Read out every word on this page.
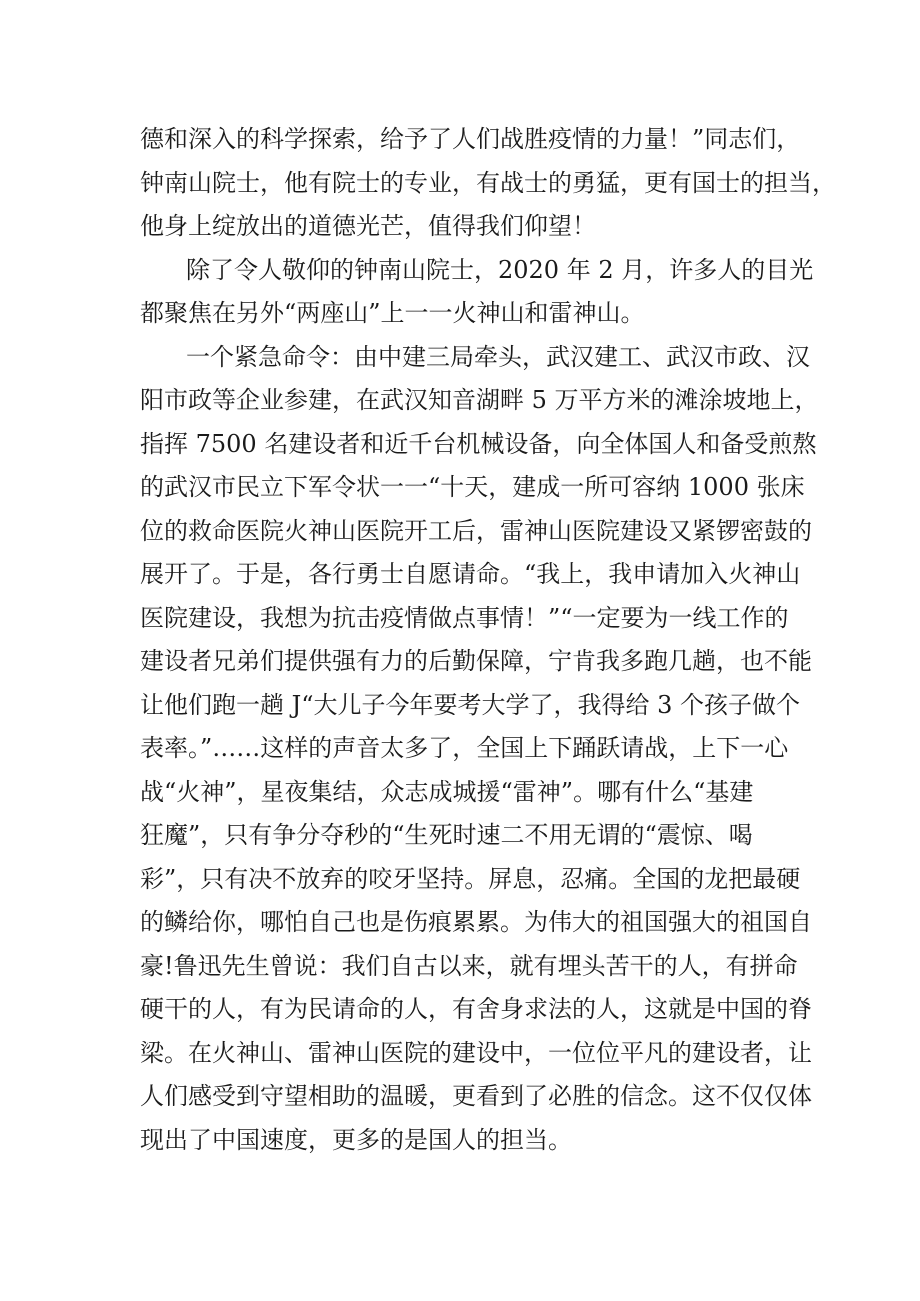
德和深入的科学探索，给予了人们战胜疫情的力量！”同志们，
钟南山院士，他有院士的专业，有战士的勇猛，更有国士的担当，
他身上绽放出的道德光芒，值得我们仰望！
除了令人敬仰的钟南山院士，2020 年 2 月，许多人的目光
都聚焦在另外“两座山”上一一火神山和雷神山。
一个紧急命令：由中建三局牵头，武汉建工、武汉市政、汉
阳市政等企业参建，在武汉知音湖畔 5 万平方米的滩涂坡地上，
指挥 7500 名建设者和近千台机械设备，向全体国人和备受煎熬
的武汉市民立下军令状一一“十天，建成一所可容纳 1000 张床
位的救命医院火神山医院开工后，雷神山医院建设又紧锣密鼓的
展开了。于是，各行勇士自愿请命。“我上，我申请加入火神山
医院建设，我想为抗击疫情做点事情！”“一定要为一线工作的
建设者兄弟们提供强有力的后勤保障，宁肯我多跑几趟，也不能
让他们跑一趟 J“大儿子今年要考大学了，我得给 3 个孩子做个
表率。”……这样的声音太多了，全国上下踊跃请战，上下一心
战“火神”，星夜集结，众志成城援“雷神”。哪有什么“基建
狂魔”，只有争分夺秒的“生死时速二不用无谓的“震惊、喝
彩”，只有决不放弃的咬牙坚持。屏息，忍痛。全国的龙把最硬
的鳞给你，哪怕自己也是伤痕累累。为伟大的祖国强大的祖国自
豪!鲁迅先生曾说：我们自古以来，就有埋头苦干的人，有拼命
硬干的人，有为民请命的人，有舍身求法的人，这就是中国的脊
梁。在火神山、雷神山医院的建设中，一位位平凡的建设者，让
人们感受到守望相助的温暖，更看到了必胜的信念。这不仅仅体
现出了中国速度，更多的是国人的担当。
